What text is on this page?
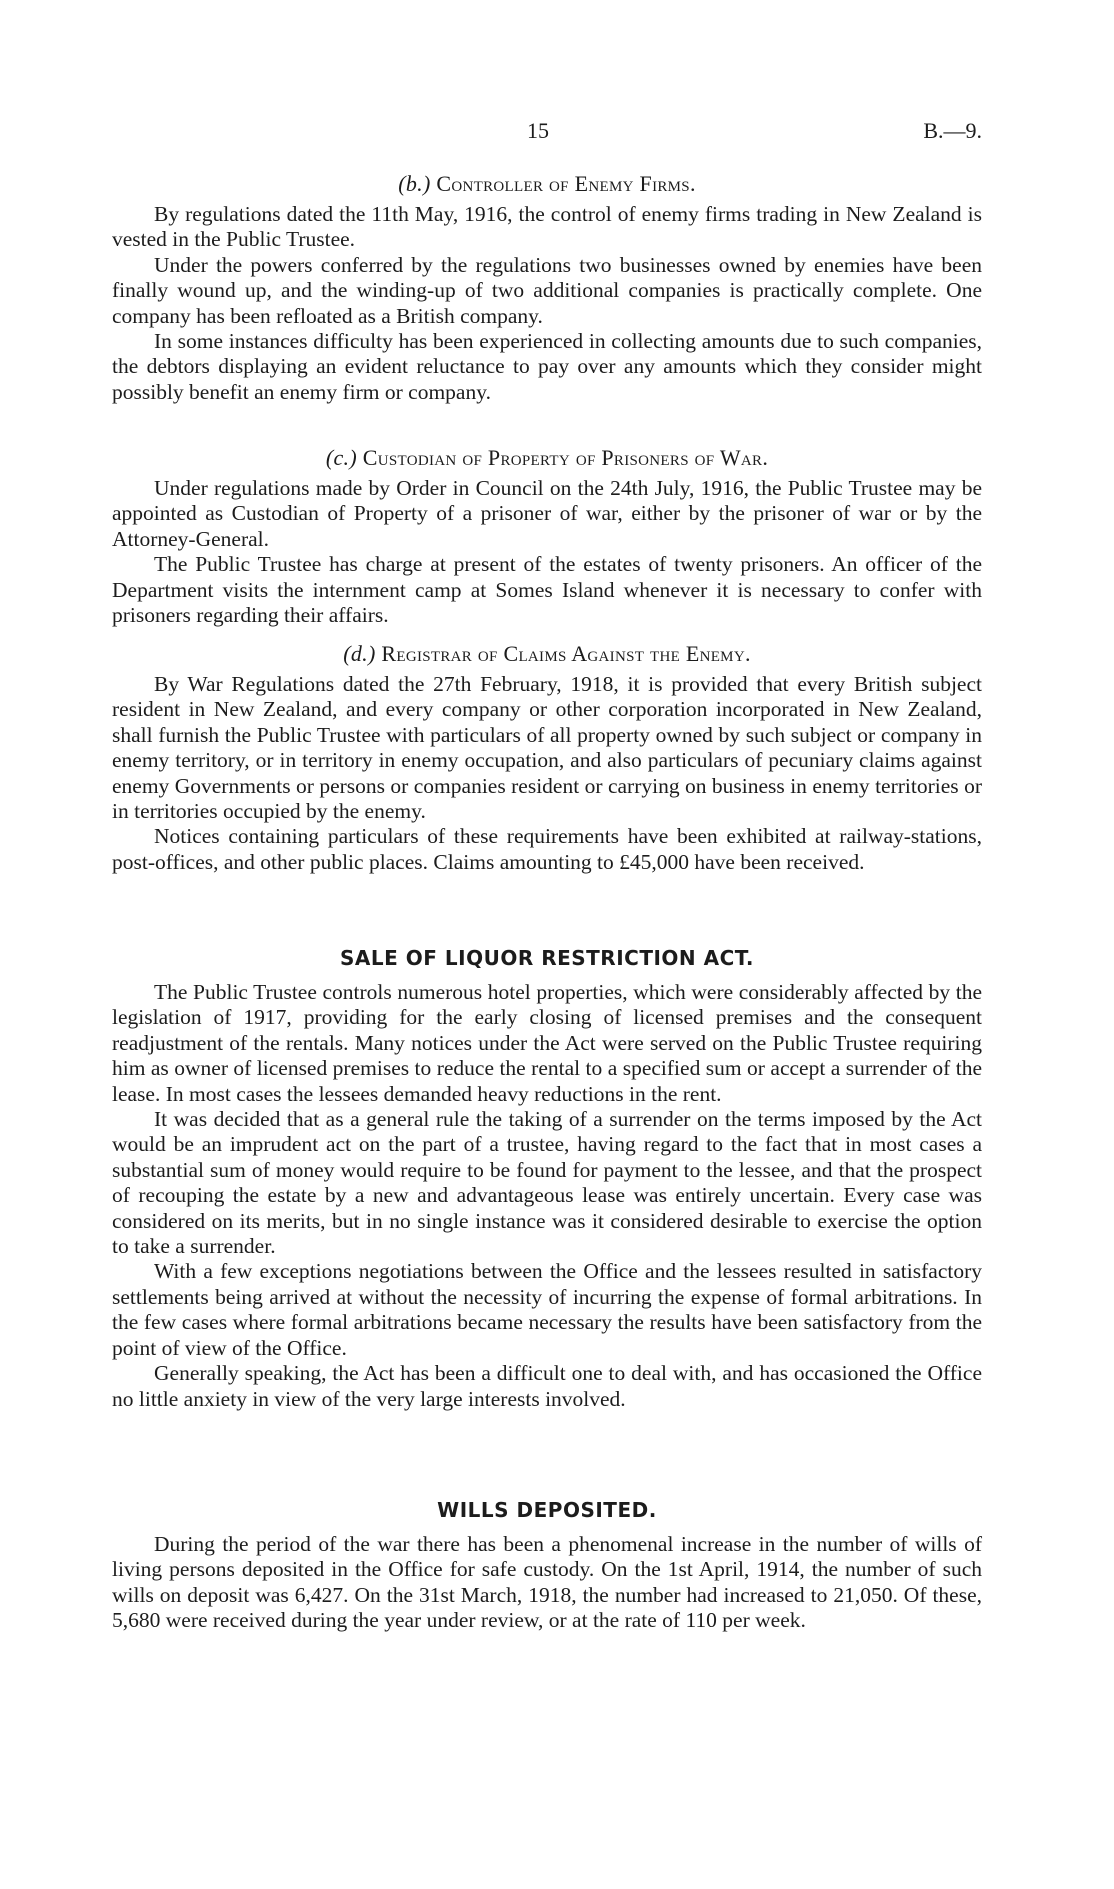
15	B.—9.
(b.) Controller of Enemy Firms.

By regulations dated the 11th May, 1916, the control of enemy firms trading in New Zealand is vested in the Public Trustee.

Under the powers conferred by the regulations two businesses owned by enemies have been finally wound up, and the winding-up of two additional companies is practically complete. One company has been refloated as a British company.

In some instances difficulty has been experienced in collecting amounts due to such companies, the debtors displaying an evident reluctance to pay over any amounts which they consider might possibly benefit an enemy firm or company.

(c.) Custodian of Property of Prisoners of War.

Under regulations made by Order in Council on the 24th July, 1916, the Public Trustee may be appointed as Custodian of Property of a prisoner of war, either by the prisoner of war or by the Attorney-General.

The Public Trustee has charge at present of the estates of twenty prisoners. An officer of the Department visits the internment camp at Somes Island whenever it is necessary to confer with prisoners regarding their affairs.

(d.) Registrar of Claims Against the Enemy.

By War Regulations dated the 27th February, 1918, it is provided that every British subject resident in New Zealand, and every company or other corporation incorporated in New Zealand, shall furnish the Public Trustee with particulars of all property owned by such subject or company in enemy territory, or in territory in enemy occupation, and also particulars of pecuniary claims against enemy Governments or persons or companies resident or carrying on business in enemy territories or in territories occupied by the enemy.

Notices containing particulars of these requirements have been exhibited at railway-stations, post-offices, and other public places. Claims amounting to £45,000 have been received.

SALE OF LIQUOR RESTRICTION ACT.

The Public Trustee controls numerous hotel properties, which were considerably affected by the legislation of 1917, providing for the early closing of licensed premises and the consequent readjustment of the rentals. Many notices under the Act were served on the Public Trustee requiring him as owner of licensed premises to reduce the rental to a specified sum or accept a surrender of the lease. In most cases the lessees demanded heavy reductions in the rent.

It was decided that as a general rule the taking of a surrender on the terms imposed by the Act would be an imprudent act on the part of a trustee, having regard to the fact that in most cases a substantial sum of money would require to be found for payment to the lessee, and that the prospect of recouping the estate by a new and advantageous lease was entirely uncertain. Every case was considered on its merits, but in no single instance was it considered desirable to exercise the option to take a surrender.

With a few exceptions negotiations between the Office and the lessees resulted in satisfactory settlements being arrived at without the necessity of incurring the expense of formal arbitrations. In the few cases where formal arbitrations became necessary the results have been satisfactory from the point of view of the Office.

Generally speaking, the Act has been a difficult one to deal with, and has occasioned the Office no little anxiety in view of the very large interests involved.

WILLS DEPOSITED.

During the period of the war there has been a phenomenal increase in the number of wills of living persons deposited in the Office for safe custody. On the 1st April, 1914, the number of such wills on deposit was 6,427. On the 31st March, 1918, the number had increased to 21,050. Of these, 5,680 were received during the year under review, or at the rate of 110 per week.
